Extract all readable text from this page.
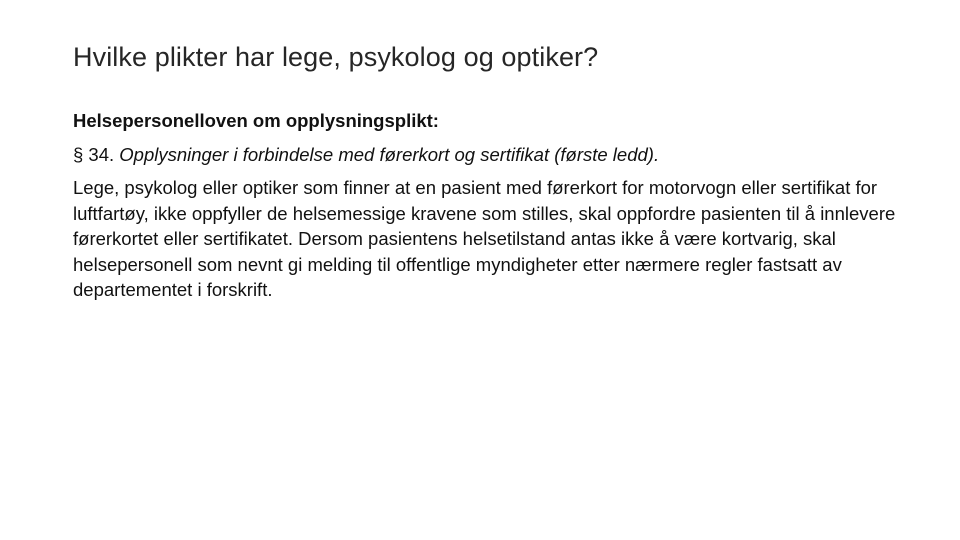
Hvilke plikter har lege, psykolog og optiker?

Helsepersonelloven om opplysningsplikt:

§ 34. Opplysninger i forbindelse med førerkort og sertifikat (første ledd).

Lege, psykolog eller optiker som finner at en pasient med førerkort for motorvogn eller sertifikat for luftfartøy, ikke oppfyller de helsemessige kravene som stilles, skal oppfordre pasienten til å innlevere førerkortet eller sertifikatet. Dersom pasientens helsetilstand antas ikke å være kortvarig, skal helsepersonell som nevnt gi melding til offentlige myndigheter etter nærmere regler fastsatt av departementet i forskrift.
